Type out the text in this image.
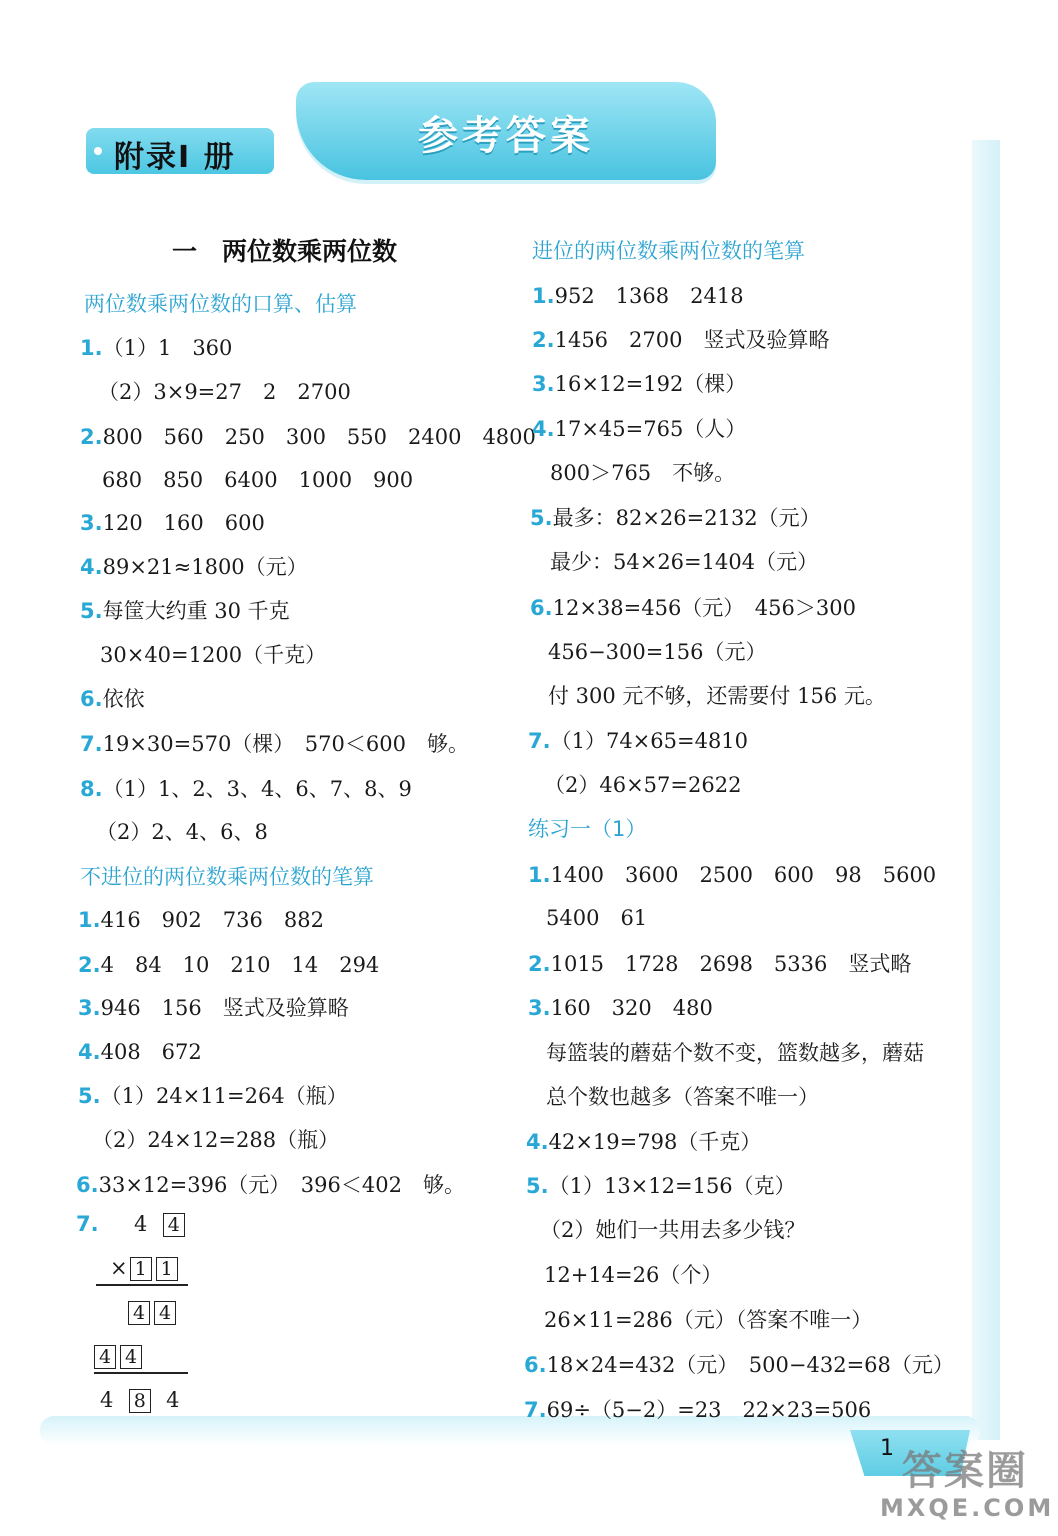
附录Ⅰ 册	参考答案
一　两位数乘两位数
两位数乘两位数的口算、估算
1.（1）1　360
（2）3×9=27　2　2700
2.800　560　250　300　550　2400　4800
680　850　6400　1000　900
3.120　160　600
4.89×21≈1800（元）
5.每筐大约重 30 千克
30×40=1200（千克）
6.依依
7.19×30=570（棵）　570＜600　够。
8.（1）1、2、3、4、6、7、8、9
（2）2、4、6、8
不进位的两位数乘两位数的笔算
1.416　902　736　882
2.4　84　10　210　14　294
3.946　156　竖式及验算略
4.408　672
5.（1）24×11=264（瓶）
（2）24×12=288（瓶）
6.33×12=396（元）　396＜402　够。
7. 4 4
× 1 1
4 4
4 4
4 8 4
进位的两位数乘两位数的笔算
1.952　1368　2418
2.1456　2700　竖式及验算略
3.16×12=192（棵）
4.17×45=765（人）
800＞765　不够。
5.最多：82×26=2132（元）
最少：54×26=1404（元）
6.12×38=456（元）　456＞300
456−300=156（元）
付 300 元不够，还需要付 156 元。
7.（1）74×65=4810
（2）46×57=2622
练习一（1）
1.1400　3600　2500　600　98　5600
5400　61
2.1015　1728　2698　5336　竖式略
3.160　320　480
每篮装的蘑菇个数不变，篮数越多，蘑菇
总个数也越多（答案不唯一）
4.42×19=798（千克）
5.（1）13×12=156（克）
（2）她们一共用去多少钱？
12+14=26（个）
26×11=286（元）（答案不唯一）
6.18×24=432（元）　500−432=68（元）
7.69÷（5−2）=23　22×23=506
1 答案圈
MXQE.COM
